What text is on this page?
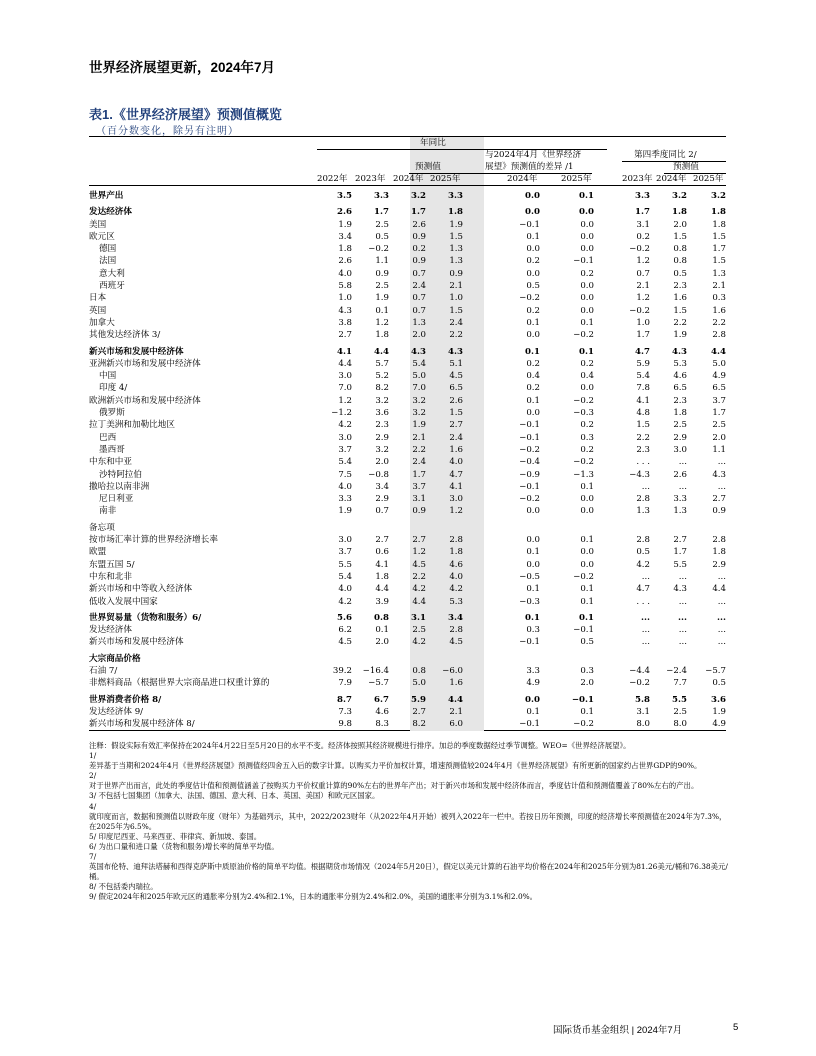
世界经济展望更新，2024年7月
表1.《世界经济展望》预测值概览
（百分数变化，除另有注明）
年同比
与2024年4月《世界经济
展望》预测值的差异 /1
第四季度同比 2/
预测值	预测值
2022年 2023年 2024年 2025年	2024年	2025年	2023年 2024年 2025年
世界产出	3.5	3.3	3.2	3.3	0.0	0.1	3.3	3.2	3.2
发达经济体	2.6	1.7	1.7	1.8	0.0	0.0	1.7	1.8	1.8
美国	1.9	2.5	2.6	1.9	−0.1	0.0	3.1	2.0	1.8
欧元区	3.4	0.5	0.9	1.5	0.1	0.0	0.2	1.5	1.5
德国	1.8	−0.2	0.2	1.3	0.0	0.0	−0.2	0.8	1.7
法国	2.6	1.1	0.9	1.3	0.2	−0.1	1.2	0.8	1.5
意大利	4.0	0.9	0.7	0.9	0.0	0.2	0.7	0.5	1.3
西班牙	5.8	2.5	2.4	2.1	0.5	0.0	2.1	2.3	2.1
日本	1.0	1.9	0.7	1.0	−0.2	0.0	1.2	1.6	0.3
英国	4.3	0.1	0.7	1.5	0.2	0.0	−0.2	1.5	1.6
加拿大	3.8	1.2	1.3	2.4	0.1	0.1	1.0	2.2	2.2
其他发达经济体 3/	2.7	1.8	2.0	2.2	0.0	−0.2	1.7	1.9	2.8
新兴市场和发展中经济体	4.1	4.4	4.3	4.3	0.1	0.1	4.7	4.3	4.4
亚洲新兴市场和发展中经济体	4.4	5.7	5.4	5.1	0.2	0.2	5.9	5.3	5.0
中国	3.0	5.2	5.0	4.5	0.4	0.4	5.4	4.6	4.9
印度 4/	7.0	8.2	7.0	6.5	0.2	0.0	7.8	6.5	6.5
欧洲新兴市场和发展中经济体	1.2	3.2	3.2	2.6	0.1	−0.2	4.1	2.3	3.7
俄罗斯	−1.2	3.6	3.2	1.5	0.0	−0.3	4.8	1.8	1.7
拉丁美洲和加勒比地区	4.2	2.3	1.9	2.7	−0.1	0.2	1.5	2.5	2.5
巴西	3.0	2.9	2.1	2.4	−0.1	0.3	2.2	2.9	2.0
墨西哥	3.7	3.2	2.2	1.6	−0.2	0.2	2.3	3.0	1.1
中东和中亚	5.4	2.0	2.4	4.0	−0.4	−0.2	. . .	...	...
沙特阿拉伯	7.5	−0.8	1.7	4.7	−0.9	−1.3	−4.3	2.6	4.3
撒哈拉以南非洲	4.0	3.4	3.7	4.1	−0.1	0.1	...	...	...
尼日利亚	3.3	2.9	3.1	3.0	−0.2	0.0	2.8	3.3	2.7
南非	1.9	0.7	0.9	1.2	0.0	0.0	1.3	1.3	0.9
备忘项
按市场汇率计算的世界经济增长率	3.0	2.7	2.7	2.8	0.0	0.1	2.8	2.7	2.8
欧盟	3.7	0.6	1.2	1.8	0.1	0.0	0.5	1.7	1.8
东盟五国 5/	5.5	4.1	4.5	4.6	0.0	0.0	4.2	5.5	2.9
中东和北非	5.4	1.8	2.2	4.0	−0.5	−0.2	...	...	...
新兴市场和中等收入经济体	4.0	4.4	4.2	4.2	0.1	0.1	4.7	4.3	4.4
低收入发展中国家	4.2	3.9	4.4	5.3	−0.3	0.1	. . .	...	...
世界贸易量（货物和服务）6/	5.6	0.8	3.1	3.4	0.1	0.1	...	...	...
发达经济体	6.2	0.1	2.5	2.8	0.3	−0.1	...	...	...
新兴市场和发展中经济体	4.5	2.0	4.2	4.5	−0.1	0.5	...	...	...
大宗商品价格
石油 7/	39.2	−16.4	0.8	−6.0	3.3	0.3	−4.4	−2.4	−5.7
非燃料商品（根据世界大宗商品进口权重计算的	7.9	−5.7	5.0	1.6	4.9	2.0	−0.2	7.7	0.5
世界消费者价格 8/	8.7	6.7	5.9	4.4	0.0	−0.1	5.8	5.5	3.6
发达经济体 9/	7.3	4.6	2.7	2.1	0.1	0.1	3.1	2.5	1.9
新兴市场和发展中经济体 8/	9.8	8.3	8.2	6.0	−0.1	−0.2	8.0	8.0	4.9

注释：假设实际有效汇率保持在2024年4月22日至5月20日的水平不变。经济体按照其经济规模进行排序。加总的季度数据经过季节调整。WEO=《世界经济展望》。

1/

差异基于当期和2024年4月《世界经济展望》预测值经四舍五入后的数字计算。以购买力平价加权计算，增速预测值较2024年4月《世界经济展望》有所更新的国家约占世界GDP的90%。

2/

对于世界产出而言，此处的季度估计值和预测值涵盖了按购买力平价权重计算的90%左右的世界年产出；对于新兴市场和发展中经济体而言，季度估计值和预测值覆盖了80%左右的产出。

3/ 不包括七国集团（加拿大、法国、德国、意大利、日本、英国、美国）和欧元区国家。

4/

就印度而言，数据和预测值以财政年度（财年）为基础列示，其中，2022/2023财年（从2022年4月开始）被列入2022年一栏中。若按日历年预测，印度的经济增长率预测值在2024年为7.3%，在2025年为6.5%。

5/ 印度尼西亚、马来西亚、菲律宾、新加坡、泰国。

6/ 为出口量和进口量（货物和服务)增长率的简单平均值。

7/

英国布伦特、迪拜法塔赫和西得克萨斯中质原油价格的简单平均值。根据期货市场情况（2024年5月20日），假定以美元计算的石油平均价格在2024年和2025年分别为81.26美元/桶和76.38美元/桶。

8/ 不包括委内瑞拉。

9/ 假定2024年和2025年欧元区的通胀率分别为2.4%和2.1%，日本的通胀率分别为2.4%和2.0%，美国的通胀率分别为3.1%和2.0%。

国际货币基金组织 | 2024年7月	5
